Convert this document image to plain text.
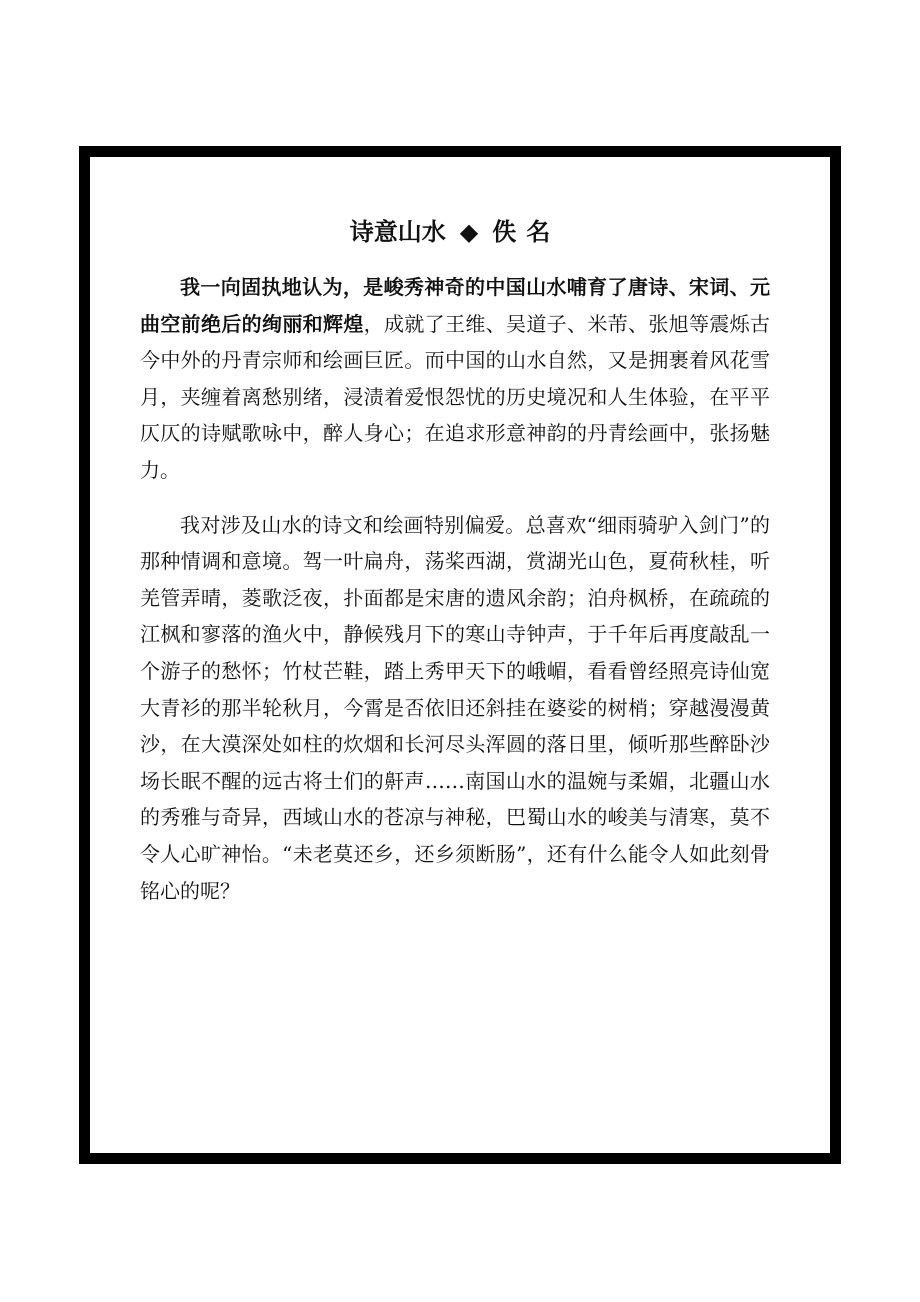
诗意山水 ◆ 佚名

我一向固执地认为，是峻秀神奇的中国山水哺育了唐诗、宋词、元曲空前绝后的绚丽和辉煌，成就了王维、吴道子、米芾、张旭等震烁古今中外的丹青宗师和绘画巨匠。而中国的山水自然，又是拥裹着风花雪月，夹缠着离愁别绪，浸渍着爱恨怨忧的历史境况和人生体验，在平平仄仄的诗赋歌咏中，醉人身心；在追求形意神韵的丹青绘画中，张扬魅力。

我对涉及山水的诗文和绘画特别偏爱。总喜欢“细雨骑驴入剑门”的那种情调和意境。驾一叶扁舟，荡桨西湖，赏湖光山色，夏荷秋桂，听羌管弄晴，菱歌泛夜，扑面都是宋唐的遗风余韵；泊舟枫桥，在疏疏的江枫和寥落的渔火中，静候残月下的寒山寺钟声，于千年后再度敲乱一个游子的愁怀；竹杖芒鞋，踏上秀甲天下的峨嵋，看看曾经照亮诗仙宽大青衫的那半轮秋月，今霄是否依旧还斜挂在婆娑的树梢；穿越漫漫黄沙，在大漠深处如柱的炊烟和长河尽头浑圆的落日里，倾听那些醉卧沙场长眠不醒的远古将士们的鼾声……南国山水的温婉与柔媚，北疆山水的秀雅与奇异，西域山水的苍凉与神秘，巴蜀山水的峻美与清寒，莫不令人心旷神怡。“未老莫还乡，还乡须断肠”，还有什么能令人如此刻骨铭心的呢？
